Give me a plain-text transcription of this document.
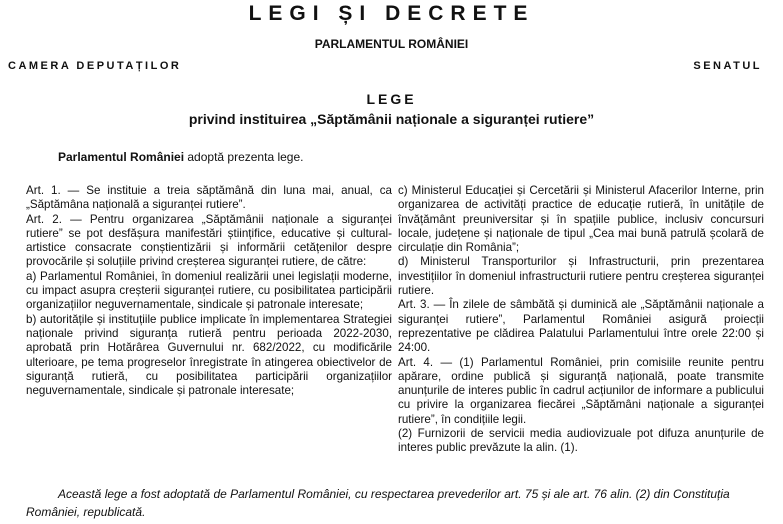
LEGI ȘI DECRETE
PARLAMENTUL ROMÂNIEI
CAMERA DEPUTAȚILOR	SENATUL
LEGE
privind instituirea „Săptămânii naționale a siguranței rutiere”
Parlamentul României adoptă prezenta lege.

Art. 1. — Se instituie a treia săptămână din luna mai, anual, ca „Săptămâna națională a siguranței rutiere”.

Art. 2. — Pentru organizarea „Săptămânii naționale a siguranței rutiere” se pot desfășura manifestări științifice, educative și cultural-artistice consacrate conștientizării și informării cetățenilor despre provocările și soluțiile privind creșterea siguranței rutiere, de către:

a) Parlamentul României, în domeniul realizării unei legislații moderne, cu impact asupra creșterii siguranței rutiere, cu posibilitatea participării organizațiilor neguvernamentale, sindicale și patronale interesate;

b) autoritățile și instituțiile publice implicate în implementarea Strategiei naționale privind siguranța rutieră pentru perioada 2022-2030, aprobată prin Hotărârea Guvernului nr. 682/2022, cu modificările ulterioare, pe tema progreselor înregistrate în atingerea obiectivelor de siguranță rutieră, cu posibilitatea participării organizațiilor neguvernamentale, sindicale și patronale interesate;

c) Ministerul Educației și Cercetării și Ministerul Afacerilor Interne, prin organizarea de activități practice de educație rutieră, în unitățile de învățământ preuniversitar și în spațiile publice, inclusiv concursuri locale, județene și naționale de tipul „Cea mai bună patrulă școlară de circulație din România”;

d) Ministerul Transporturilor și Infrastructurii, prin prezentarea investițiilor în domeniul infrastructurii rutiere pentru creșterea siguranței rutiere.

Art. 3. — În zilele de sâmbătă și duminică ale „Săptămânii naționale a siguranței rutiere”, Parlamentul României asigură proiecții reprezentative pe clădirea Palatului Parlamentului între orele 22:00 și 24:00.

Art. 4. — (1) Parlamentul României, prin comisiile reunite pentru apărare, ordine publică și siguranță națională, poate transmite anunțurile de interes public în cadrul acțiunilor de informare a publicului cu privire la organizarea fiecărei „Săptămâni naționale a siguranței rutiere”, în condițiile legii.

(2) Furnizorii de servicii media audiovizuale pot difuza anunțurile de interes public prevăzute la alin. (1).

Această lege a fost adoptată de Parlamentul României, cu respectarea prevederilor art. 75 și ale art. 76 alin. (2) din Constituția României, republicată.
